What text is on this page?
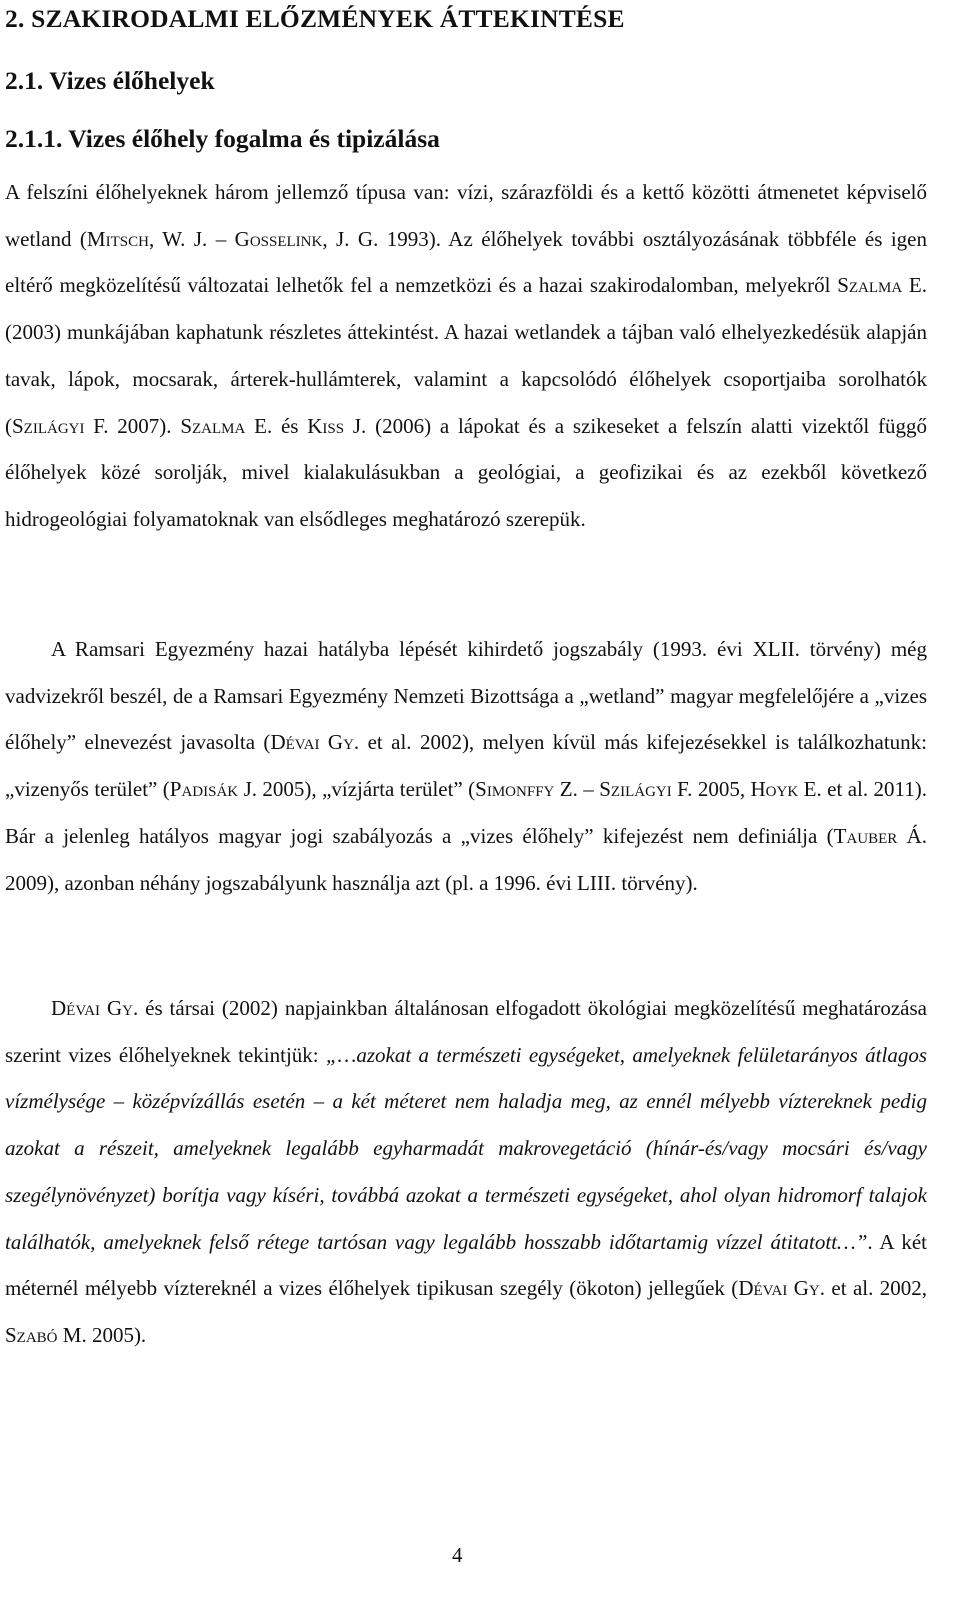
2. SZAKIRODALMI ELŐZMÉNYEK ÁTTEKINTÉSE
2.1. Vizes élőhelyek
2.1.1. Vizes élőhely fogalma és tipizálása

A felszíni élőhelyeknek három jellemző típusa van: vízi, szárazföldi és a kettő közötti átmenetet képviselő wetland (Mitsch, W. J. – Gosselink, J. G. 1993). Az élőhelyek további osztályozásának többféle és igen eltérő megközelítésű változatai lelhetők fel a nemzetközi és a hazai szakirodalomban, melyekről Szalma E. (2003) munkájában kaphatunk részletes áttekintést. A hazai wetlandek a tájban való elhelyezkedésük alapján tavak, lápok, mocsarak, árterek-hullámterek, valamint a kapcsolódó élőhelyek csoportjaiba sorolhatók (Szilágyi F. 2007). Szalma E. és Kiss J. (2006) a lápokat és a szikeseket a felszín alatti vizektől függő élőhelyek közé sorolják, mivel kialakulásukban a geológiai, a geofizikai és az ezekből következő hidrogeológiai folyamatoknak van elsődleges meghatározó szerepük.

A Ramsari Egyezmény hazai hatályba lépését kihirdető jogszabály (1993. évi XLII. törvény) még vadvizekről beszél, de a Ramsari Egyezmény Nemzeti Bizottsága a „wetland” magyar megfelelőjére a „vizes élőhely” elnevezést javasolta (Dévai Gy. et al. 2002), melyen kívül más kifejezésekkel is találkozhatunk: „vizenyős terület” (Padisák J. 2005), „vízjárta terület” (Simonffy Z. – Szilágyi F. 2005, Hoyk E. et al. 2011). Bár a jelenleg hatályos magyar jogi szabályozás a „vizes élőhely” kifejezést nem definiálja (Tauber Á. 2009), azonban néhány jogszabályunk használja azt (pl. a 1996. évi LIII. törvény).

Dévai Gy. és társai (2002) napjainkban általánosan elfogadott ökológiai megközelítésű meghatározása szerint vizes élőhelyeknek tekintjük: „…azokat a természeti egységeket, amelyeknek felületarányos átlagos vízmélysége – középvízállás esetén – a két méteret nem haladja meg, az ennél mélyebb víztereknek pedig azokat a részeit, amelyeknek legalább egyharmadát makrovegetáció (hínár-és/vagy mocsári és/vagy szegélynövényzet) borítja vagy kíséri, továbbá azokat a természeti egységeket, ahol olyan hidromorf talajok találhatók, amelyeknek felső rétege tartósan vagy legalább hosszabb időtartamig vízzel átitatott…”. A két méternél mélyebb víztereknél a vizes élőhelyek tipikusan szegély (ökoton) jellegűek (Dévai Gy. et al. 2002, Szabó M. 2005).

4
